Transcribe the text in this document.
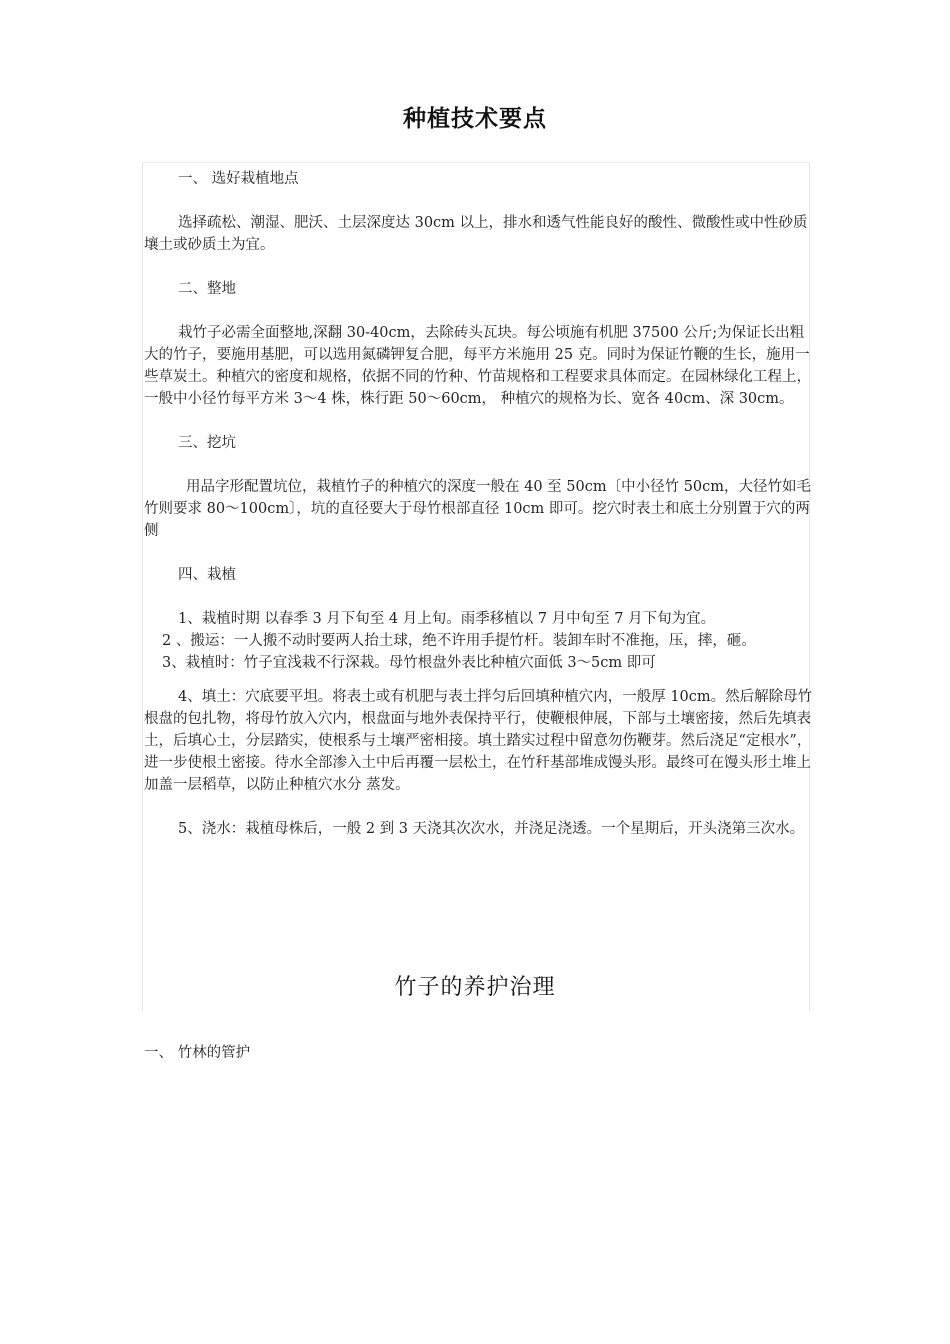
种植技术要点

一、 选好栽植地点

选择疏松、潮湿、肥沃、土层深度达 30cm 以上，排水和透气性能良好的酸性、微酸性或中性砂质壤土或砂质土为宜。

二、整地

栽竹子必需全面整地,深翻 30-40cm，去除砖头瓦块。每公顷施有机肥 37500 公斤;为保证长出粗大的竹子，要施用基肥，可以选用氮磷钾复合肥，每平方米施用 25 克。同时为保证竹鞭的生长，施用一些草炭土。种植穴的密度和规格，依据不同的竹种、竹苗规格和工程要求具体而定。在园林绿化工程上，一般中小径竹每平方米 3～4 株，株行距 50～60cm， 种植穴的规格为长、宽各 40cm、深 30cm。

三、挖坑

用品字形配置坑位，栽植竹子的种植穴的深度一般在 40 至 50cm〔中小径竹 50cm，大径竹如毛竹则要求 80～100cm〕，坑的直径要大于母竹根部直径 10cm 即可。挖穴时表土和底土分别置于穴的两侧

四、栽植

1、栽植时期 以春季 3 月下旬至 4 月上旬。雨季移植以 7 月中旬至 7 月下旬为宜。

2 、搬运：一人搬不动时要两人抬土球，绝不许用手提竹杆。装卸车时不准拖，压，摔，砸。

3、栽植时：竹子宜浅栽不行深栽。母竹根盘外表比种植穴面低 3～5cm 即可

4、填土：穴底要平坦。将表土或有机肥与表土拌匀后回填种植穴内，一般厚 10cm。然后解除母竹根盘的包扎物，将母竹放入穴内，根盘面与地外表保持平行，使鞭根伸展，下部与土壤密接，然后先填表土，后填心土，分层踏实，使根系与土壤严密相接。填土踏实过程中留意勿伤鞭芽。然后浇足“定根水”，进一步使根土密接。待水全部渗入土中后再覆一层松土，在竹秆基部堆成馒头形。最终可在馒头形土堆上加盖一层稻草，以防止种植穴水分 蒸发。

5、浇水：栽植母株后，一般 2 到 3 天浇其次次水，并浇足浇透。一个星期后，开头浇第三次水。

竹子的养护治理
一、 竹林的管护
